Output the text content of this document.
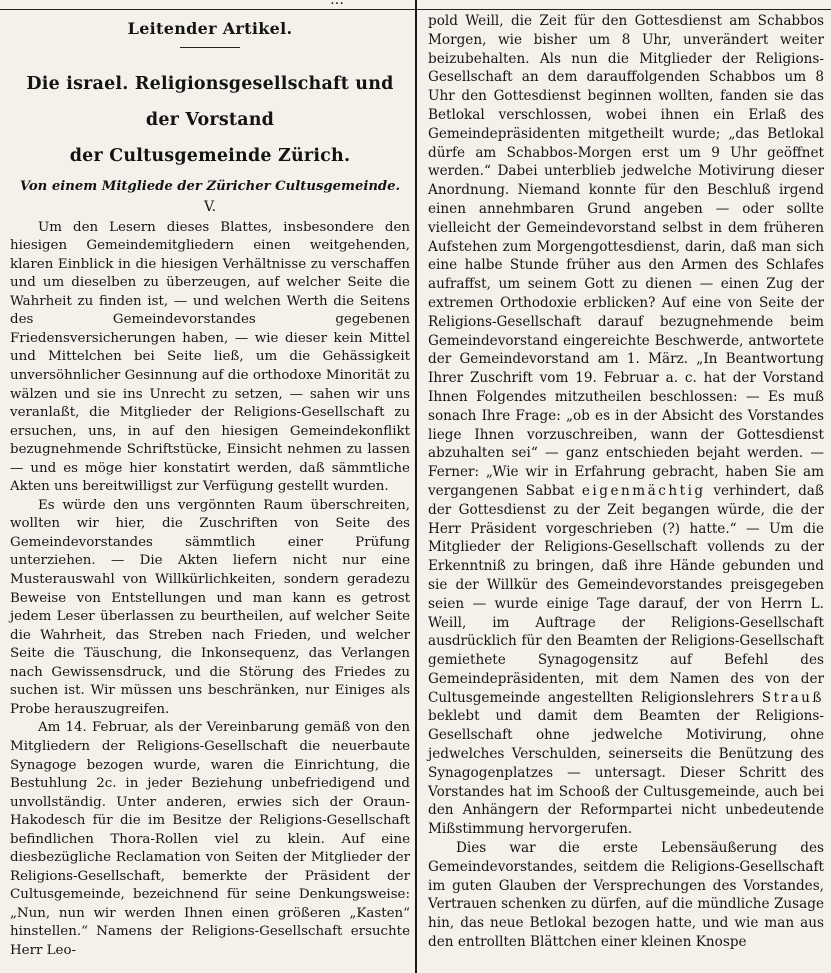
…
Leitender Artikel.
Die israel. Religionsgesellschaft und der Vorstand
der Cultusgemeinde Zürich.
Von einem Mitgliede der Züricher Cultusgemeinde.
V.

Um den Lesern dieses Blattes, insbesondere den hiesigen Gemeindemitgliedern einen weitgehenden, klaren Einblick in die hiesigen Verhältnisse zu verschaffen und um dieselben zu überzeugen, auf welcher Seite die Wahrheit zu finden ist, — und welchen Werth die Seitens des Gemeindevorstandes gegebenen Friedensversicherungen haben, — wie dieser kein Mittel und Mittelchen bei Seite ließ, um die Gehässigkeit unversöhnlicher Gesinnung auf die orthodoxe Minorität zu wälzen und sie ins Unrecht zu setzen, — sahen wir uns veranlaßt, die Mitglieder der Religions-Gesellschaft zu ersuchen, uns, in auf den hiesigen Gemeindekonflikt bezugnehmende Schriftstücke, Einsicht nehmen zu lassen — und es möge hier konstatirt werden, daß sämmtliche Akten uns bereitwilligst zur Verfügung gestellt wurden.

Es würde den uns vergönnten Raum überschreiten, wollten wir hier, die Zuschriften von Seite des Gemeindevorstandes sämmtlich einer Prüfung unterziehen. — Die Akten liefern nicht nur eine Musterauswahl von Willkürlichkeiten, sondern geradezu Beweise von Entstellungen und man kann es getrost jedem Leser überlassen zu beurtheilen, auf welcher Seite die Wahrheit, das Streben nach Frieden, und welcher Seite die Täuschung, die Inkonsequenz, das Verlangen nach Gewissensdruck, und die Störung des Friedes zu suchen ist. Wir müssen uns beschränken, nur Einiges als Probe herauszugreifen.

Am 14. Februar, als der Vereinbarung gemäß von den Mitgliedern der Religions-Gesellschaft die neuerbaute Synagoge bezogen wurde, waren die Einrichtung, die Bestuhlung 2c. in jeder Beziehung unbefriedigend und unvollständig. Unter anderen, erwies sich der Oraun-Hakodesch für die im Besitze der Religions-Gesellschaft befindlichen Thora-Rollen viel zu klein. Auf eine diesbezügliche Reclamation von Seiten der Mitglieder der Religions-Gesellschaft, bemerkte der Präsident der Cultusgemeinde, bezeichnend für seine Denkungsweise: „Nun, nun wir werden Ihnen einen größeren „Kasten“ hinstellen.“ Namens der Religions-Gesellschaft ersuchte Herr Leo-

pold Weill, die Zeit für den Gottesdienst am Schabbos Morgen, wie bisher um 8 Uhr, unverändert weiter beizubehalten. Als nun die Mitglieder der Religions-Gesellschaft an dem darauffolgenden Schabbos um 8 Uhr den Gottesdienst beginnen wollten, fanden sie das Betlokal verschlossen, wobei ihnen ein Erlaß des Gemeindepräsidenten mitgetheilt wurde; „das Betlokal dürfe am Schabbos-Morgen erst um 9 Uhr geöffnet werden.“ Dabei unterblieb jedwelche Motivirung dieser Anordnung. Niemand konnte für den Beschluß irgend einen annehmbaren Grund angeben — oder sollte vielleicht der Gemeindevorstand selbst in dem früheren Aufstehen zum Morgengottesdienst, darin, daß man sich eine halbe Stunde früher aus den Armen des Schlafes aufraffst, um seinem Gott zu dienen — einen Zug der extremen Orthodoxie erblicken? Auf eine von Seite der Religions-Gesellschaft darauf bezugnehmende beim Gemeindevorstand eingereichte Beschwerde, antwortete der Gemeindevorstand am 1. März. „In Beantwortung Ihrer Zuschrift vom 19. Februar a. c. hat der Vorstand Ihnen Folgendes mitzutheilen beschlossen: — Es muß sonach Ihre Frage: „ob es in der Absicht des Vorstandes liege Ihnen vorzuschreiben, wann der Gottesdienst abzuhalten sei“ — ganz entschieden bejaht werden. — Ferner: „Wie wir in Erfahrung gebracht, haben Sie am vergangenen Sabbat eigenmächtig verhindert, daß der Gottesdienst zu der Zeit begangen würde, die der Herr Präsident vorgeschrieben (?) hatte.“ — Um die Mitglieder der Religions-Gesellschaft vollends zu der Erkenntniß zu bringen, daß ihre Hände gebunden und sie der Willkür des Gemeindevorstandes preisgegeben seien — wurde einige Tage darauf, der von Herrn L. Weill, im Auftrage der Religions-Gesellschaft ausdrücklich für den Beamten der Religions-Gesellschaft gemiethete Synagogensitz auf Befehl des Gemeindepräsidenten, mit dem Namen des von der Cultusgemeinde angestellten Religionslehrers Strauß beklebt und damit dem Beamten der Religions-Gesellschaft ohne jedwelche Motivirung, ohne jedwelches Verschulden, seinerseits die Benützung des Synagogenplatzes — untersagt. Dieser Schritt des Vorstandes hat im Schooß der Cultusgemeinde, auch bei den Anhängern der Reformpartei nicht unbedeutende Mißstimmung hervorgerufen.

Dies war die erste Lebensäußerung des Gemeindevorstandes, seitdem die Religions-Gesellschaft im guten Glauben der Versprechungen des Vorstandes, Vertrauen schenken zu dürfen, auf die mündliche Zusage hin, das neue Betlokal bezogen hatte, und wie man aus den entrollten Blättchen einer kleinen Knospe
